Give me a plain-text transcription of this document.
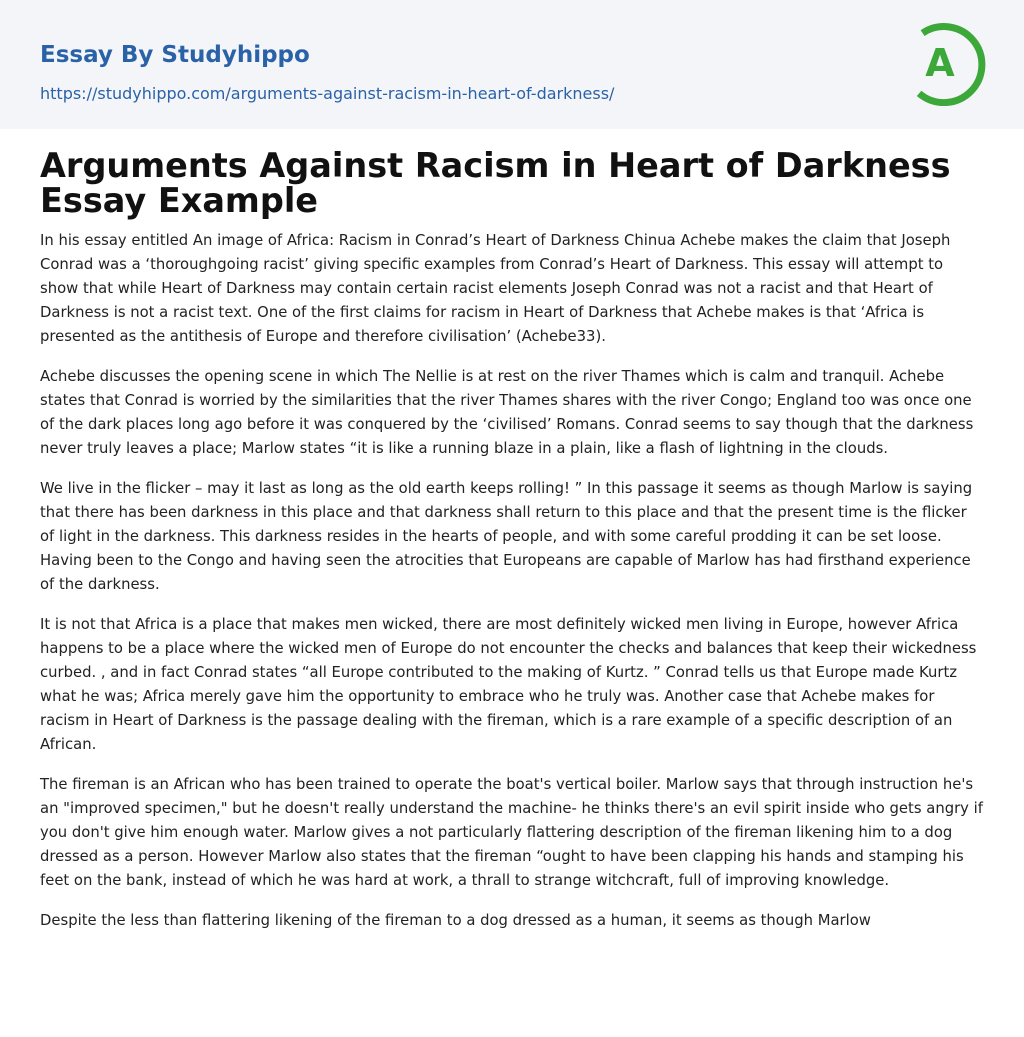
Essay By Studyhippo
https://studyhippo.com/arguments-against-racism-in-heart-of-darkness/
A
Arguments Against Racism in Heart of Darkness Essay Example

In his essay entitled An image of Africa: Racism in Conrad’s Heart of Darkness Chinua Achebe makes the claim that Joseph Conrad was a ‘thoroughgoing racist’ giving specific examples from Conrad’s Heart of Darkness. This essay will attempt to show that while Heart of Darkness may contain certain racist elements Joseph Conrad was not a racist and that Heart of Darkness is not a racist text. One of the first claims for racism in Heart of Darkness that Achebe makes is that ‘Africa is presented as the antithesis of Europe and therefore civilisation’ (Achebe33).

Achebe discusses the opening scene in which The Nellie is at rest on the river Thames which is calm and tranquil. Achebe states that Conrad is worried by the similarities that the river Thames shares with the river Congo; England too was once one of the dark places long ago before it was conquered by the ‘civilised’ Romans. Conrad seems to say though that the darkness never truly leaves a place; Marlow states “it is like a running blaze in a plain, like a flash of lightning in the clouds.

We live in the flicker – may it last as long as the old earth keeps rolling! ” In this passage it seems as though Marlow is saying that there has been darkness in this place and that darkness shall return to this place and that the present time is the flicker of light in the darkness. This darkness resides in the hearts of people, and with some careful prodding it can be set loose. Having been to the Congo and having seen the atrocities that Europeans are capable of Marlow has had firsthand experience of the darkness.

It is not that Africa is a place that makes men wicked, there are most definitely wicked men living in Europe, however Africa happens to be a place where the wicked men of Europe do not encounter the checks and balances that keep their wickedness curbed. , and in fact Conrad states “all Europe contributed to the making of Kurtz. ” Conrad tells us that Europe made Kurtz what he was; Africa merely gave him the opportunity to embrace who he truly was. Another case that Achebe makes for racism in Heart of Darkness is the passage dealing with the fireman, which is a rare example of a specific description of an African.

The fireman is an African who has been trained to operate the boat's vertical boiler. Marlow says that through instruction he's an "improved specimen," but he doesn't really understand the machine- he thinks there's an evil spirit inside who gets angry if you don't give him enough water. Marlow gives a not particularly flattering description of the fireman likening him to a dog dressed as a person. However Marlow also states that the fireman “ought to have been clapping his hands and stamping his feet on the bank, instead of which he was hard at work, a thrall to strange witchcraft, full of improving knowledge.

Despite the less than flattering likening of the fireman to a dog dressed as a human, it seems as though Marlow
